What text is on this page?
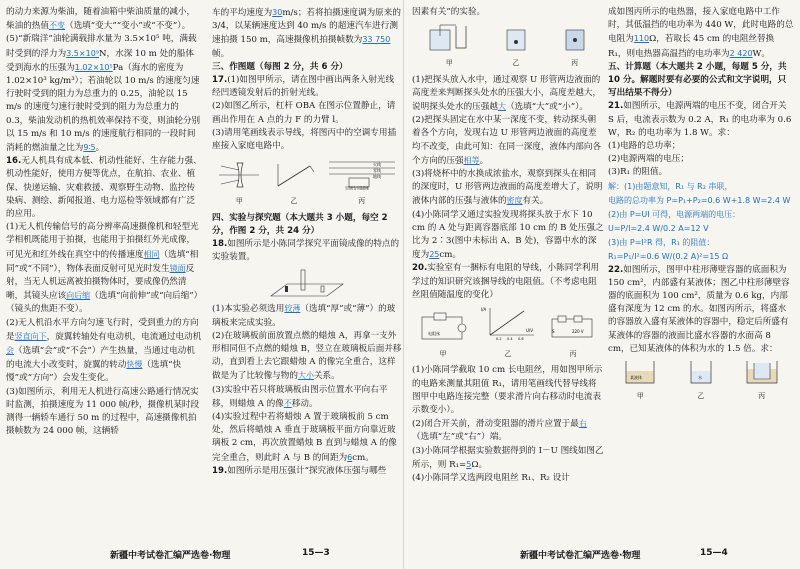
的动力来源为柴油，随着油箱中柴油质量的减小，柴油的热值不变（选填“变大”“变小”或“不变”）。

(5)“新瑞洋”油轮满载排水量为 3.5×10⁵ 吨，满载时受到的浮力为3.5×10⁹N，水深 10 m 处的船体受到海水的压强为1.02×10⁵Pa（海水的密度为 1.02×10³ kg/m³）；若油轮以 10 m/s 的速度匀速行驶时受到的阻力为总重力的 0.25，油轮以 15 m/s 的速度匀速行驶时受到的阻力为总重力的 0.3，柴油发动机的热机效率保持不变，则油轮分别以 15 m/s 和 10 m/s 的速度航行相同的一段时间消耗的燃油量之比为9∶5。

16.无人机具有成本低、机动性能好、生存能力强、机动性能好，使用方便等优点，在航拍、农业、植保、快递运输、灾难救援、观察野生动物、监控传染病、测绘、新闻报道、电力巡检等领域都有广泛的应用。

(1)无人机传输信号的高分辨率高速摄像机和轻型光学相机既能用于拍摄，也能用于拍摄红外光成像，可见光和红外线在真空中的传播速度相同（选填“相同”或“不同”），物体表面反射可见光时发生镜面反射，当无人机远离被拍摄物体时，要成像仍然清晰，其镜头应该向后缩（选填“向前伸”或“向后缩”）（镜头的焦距不变）。

(2)无人机沿水平方向匀速飞行时，受到重力的方向是竖直向下，旋翼转轴处有电动机，电流通过电动机会（选填“会”或“不会”）产生热量，当通过电动机的电流大小改变时，旋翼的转动快慢（选填“快慢”或“方向”）会发生变化。

(3)如图所示，利用无人机进行高速公路通行情况实时监测，拍摄速度为 11 000 帧/秒，摄像机某时段测得一辆轿车通行 50 m 的过程中，高速摄像机拍摄帧数为 24 000 帧，这辆轿

车的平均速度为30m/s；若将拍摄速度调为原来的 3/4，以某辆速度达到 40 m/s 的超速汽车进行测速拍摄 150 m，高速摄像机拍摄帧数为33 750帧。

三、作图题（每图 2 分，共 6 分）

17.(1)如图甲所示，请在图中画出两条入射光线经凹透镜发射后的折射光线。

(2)如图乙所示，杠杆 OBA 在图示位置静止，请画出作用在 A 点的力 F 的力臂 l。

(3)请用笔画线表示导线，将图丙中的空调专用插座接入家庭电路中。

甲	乙
火线
零线
地线
空调专用插座
丙

四、实验与探究题（本大题共 3 小题，每空 2 分，作图 2 分，共 24 分）

18.如图所示是小陈同学探究平面镜成像的特点的实验装置。

(1)本实验必须选用较薄（选填“厚”或“薄”）的玻璃板来完成实验。

(2)在玻璃板前面放置点燃的蜡烛 A，再拿一支外形相同但不点燃的蜡烛 B，竖立在玻璃板后面并移动，直到看上去它跟蜡烛 A 的像完全重合，这样做是为了比较像与物的大小关系。

(3)实验中若只将玻璃板由图示位置水平向右平移，则蜡烛 A 的像不移动。

(4)实验过程中若将蜡烛 A 置于玻璃板前 5 cm 处，然后将蜡烛 A 垂直于玻璃板平面方向靠近玻璃板 2 cm，再次放置蜡烛 B 直到与蜡烛 A 的像完全重合，则此时 A 与 B 的间距为6cm。

19.如图所示是用压强计“探究液体压强与哪些

因素有关”的实验。

甲	乙	丙

(1)把探头放入水中，通过观察 U 形管两边液面的高度差来判断探头处水的压强大小，高度差越大，说明探头处水的压强越大（选填“大”或“小”）。

(2)把探头固定在水中某一深度不变，转动探头朝着各个方向，发现右边 U 形管两边液面的高度差均不改变，由此可知：在同一深度，液体内部向各个方向的压强相等。

(3)将烧杯中的水换成浓盐水，观察到探头在相同的深度时，U 形管两边液面的高度差增大了，说明液体内部的压强与液体的密度有关。

(4)小陈同学又通过实验发现将探头放于水下 10 cm 的 A 处与距离容器底部 10 cm 的 B 处压强之比为 2∶3(图中未标出 A、B 处)，容器中水的深度为25cm。

20.实验室有一捆标有电阻的导线，小陈同学利用学过的知识研究该捆导线的电阻值。（不考虑电阻丝阻值随温度的变化）

电阻丝
甲
I/A
U/V
0.2 0.4 0.6
乙
S	220 V
丙

(1)小陈同学截取 10 cm 长电阻丝，用如图甲所示的电路来测量其阻值 R₁，请用笔画线代替导线将图甲中电路连接完整（要求滑片向右移动时电流表示数变小）。

(2)闭合开关前，滑动变阻器的滑片应置于最右（选填“左”或“右”）端。

(3)小陈同学根据实验数据得到的 I－U 图线如图乙所示，则 R₁=5Ω。

(4)小陈同学又选两段电阻丝 R₁、R₂ 设计

成如图丙所示的电热器，接入家庭电路中工作时，其低温挡的电功率为 440 W，此时电路的总电阻为110Ω，若取长 45 cm 的电阻丝替换 R₁，则电热器高温挡的电功率为2 420W。

五、计算题（本大题共 2 小题，每题 5 分，共 10 分。解题时要有必要的公式和文字说明，只写出结果不得分）

21.如图所示，电源两端的电压不变，闭合开关 S 后，电流表示数为 0.2 A，R₁ 的电功率为 0.6 W，R₂ 的电功率为 1.8 W。求：

(1)电路的总功率；

(2)电源两端的电压；

(3)R₁ 的阻值。

解：(1)由题意知，R₁ 与 R₂ 串联，
电路的总功率为 P=P₁+P₂=0.6 W+1.8 W=2.4 W
(2)由 P=UI 可得，电源两端的电压：
U=P/I=2.4 W/0.2 A=12 V
(3)由 P=I²R 得，R₁ 的阻值：
R₁=P₁/I²=0.6 W/(0.2 A)²=15 Ω

22.如图所示，图甲中柱形薄壁容器的底面积为 150 cm²，内部盛有某液体；图乙中柱形薄壁容器的底面积为 100 cm²，质量为 0.6 kg，内部盛有深度为 12 cm 的水。如图丙所示，将盛水的容器放入盛有某液体的容器中，稳定后所盛有某液体的容器的液面比盛水容器的水面高 8 cm，已知某液体的体积为水的 1.5 倍。求：

某液体
甲
水
乙	丙
新疆中考试卷汇编严选卷·物理	15—3	新疆中考试卷汇编严选卷·物理	15—4
